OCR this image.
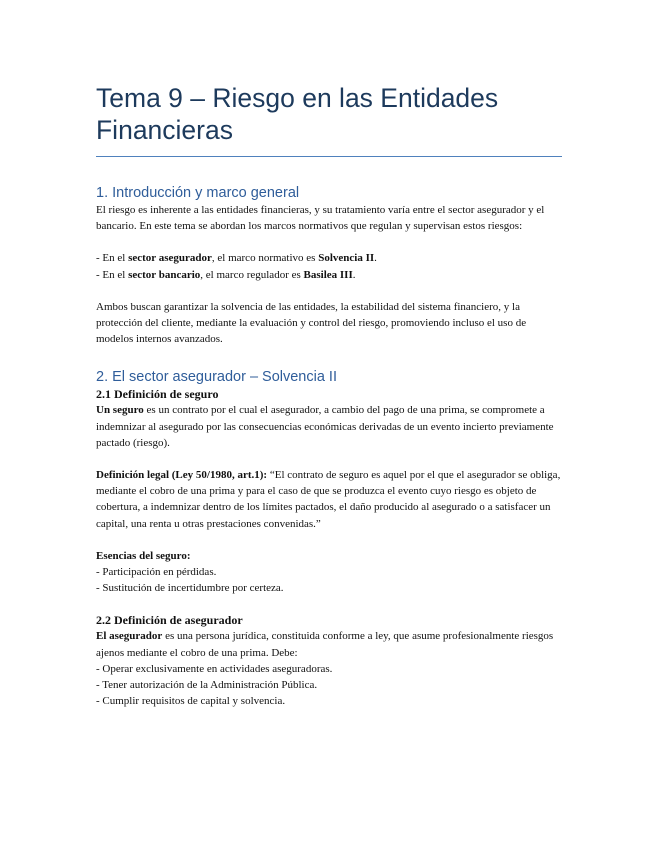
Tema 9 – Riesgo en las Entidades Financieras
1. Introducción y marco general

El riesgo es inherente a las entidades financieras, y su tratamiento varía entre el sector asegurador y el bancario. En este tema se abordan los marcos normativos que regulan y supervisan estos riesgos:

- En el sector asegurador, el marco normativo es Solvencia II.

- En el sector bancario, el marco regulador es Basilea III.

Ambos buscan garantizar la solvencia de las entidades, la estabilidad del sistema financiero, y la protección del cliente, mediante la evaluación y control del riesgo, promoviendo incluso el uso de modelos internos avanzados.

2. El sector asegurador – Solvencia II
2.1 Definición de seguro

Un seguro es un contrato por el cual el asegurador, a cambio del pago de una prima, se compromete a indemnizar al asegurado por las consecuencias económicas derivadas de un evento incierto previamente pactado (riesgo).

Definición legal (Ley 50/1980, art.1): “El contrato de seguro es aquel por el que el asegurador se obliga, mediante el cobro de una prima y para el caso de que se produzca el evento cuyo riesgo es objeto de cobertura, a indemnizar dentro de los límites pactados, el daño producido al asegurado o a satisfacer un capital, una renta u otras prestaciones convenidas.”

Esencias del seguro:

- Participación en pérdidas.

- Sustitución de incertidumbre por certeza.

2.2 Definición de asegurador

El asegurador es una persona jurídica, constituida conforme a ley, que asume profesionalmente riesgos ajenos mediante el cobro de una prima. Debe:

- Operar exclusivamente en actividades aseguradoras.

- Tener autorización de la Administración Pública.

- Cumplir requisitos de capital y solvencia.
